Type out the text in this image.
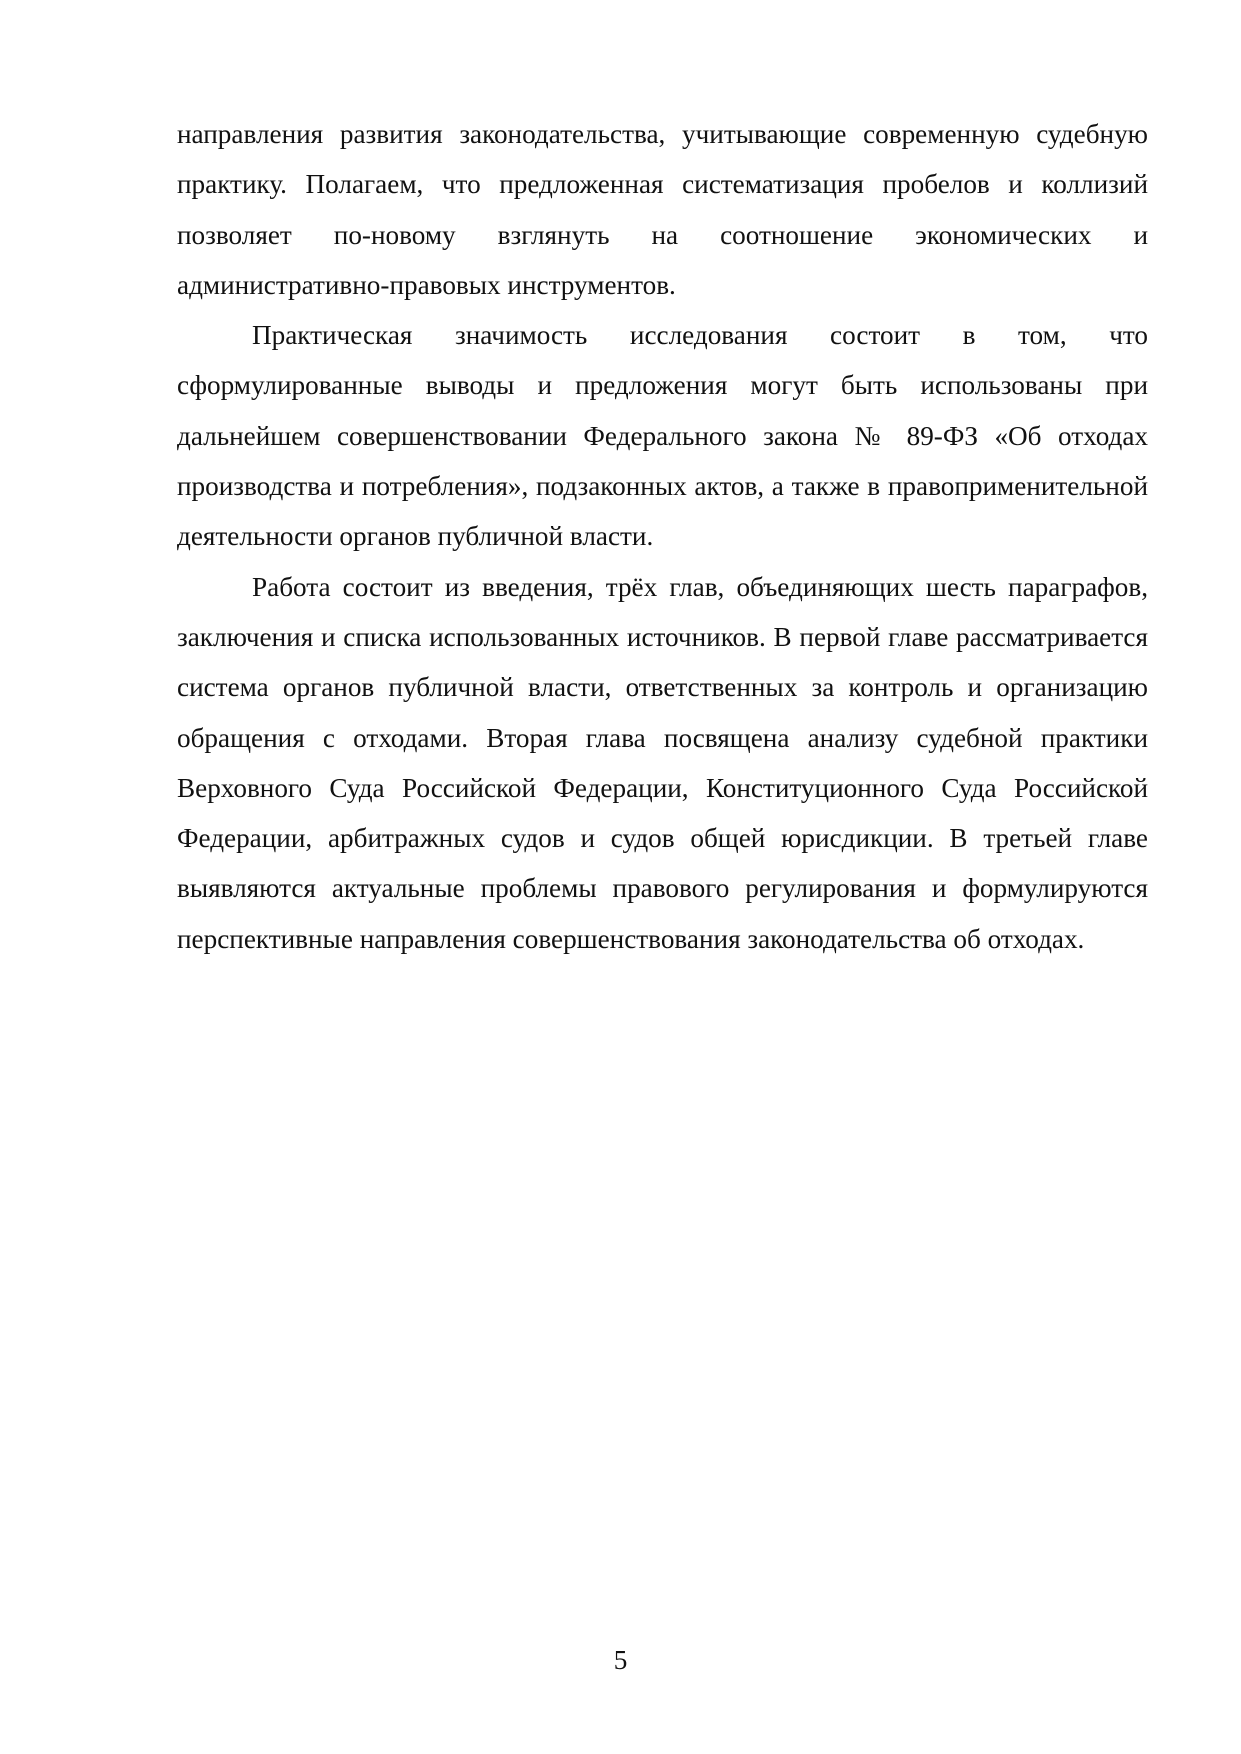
направления развития законодательства, учитывающие современную судебную практику. Полагаем, что предложенная систематизация пробелов и коллизий позволяет по-новому взглянуть на соотношение экономических и административно-правовых инструментов.

Практическая значимость исследования состоит в том, что сформулированные выводы и предложения могут быть использованы при дальнейшем совершенствовании Федерального закона № 89-ФЗ «Об отходах производства и потребления», подзаконных актов, а также в правоприменительной деятельности органов публичной власти.

Работа состоит из введения, трёх глав, объединяющих шесть параграфов, заключения и списка использованных источников. В первой главе рассматривается система органов публичной власти, ответственных за контроль и организацию обращения с отходами. Вторая глава посвящена анализу судебной практики Верховного Суда Российской Федерации, Конституционного Суда Российской Федерации, арбитражных судов и судов общей юрисдикции. В третьей главе выявляются актуальные проблемы правового регулирования и формулируются перспективные направления совершенствования законодательства об отходах.

5
